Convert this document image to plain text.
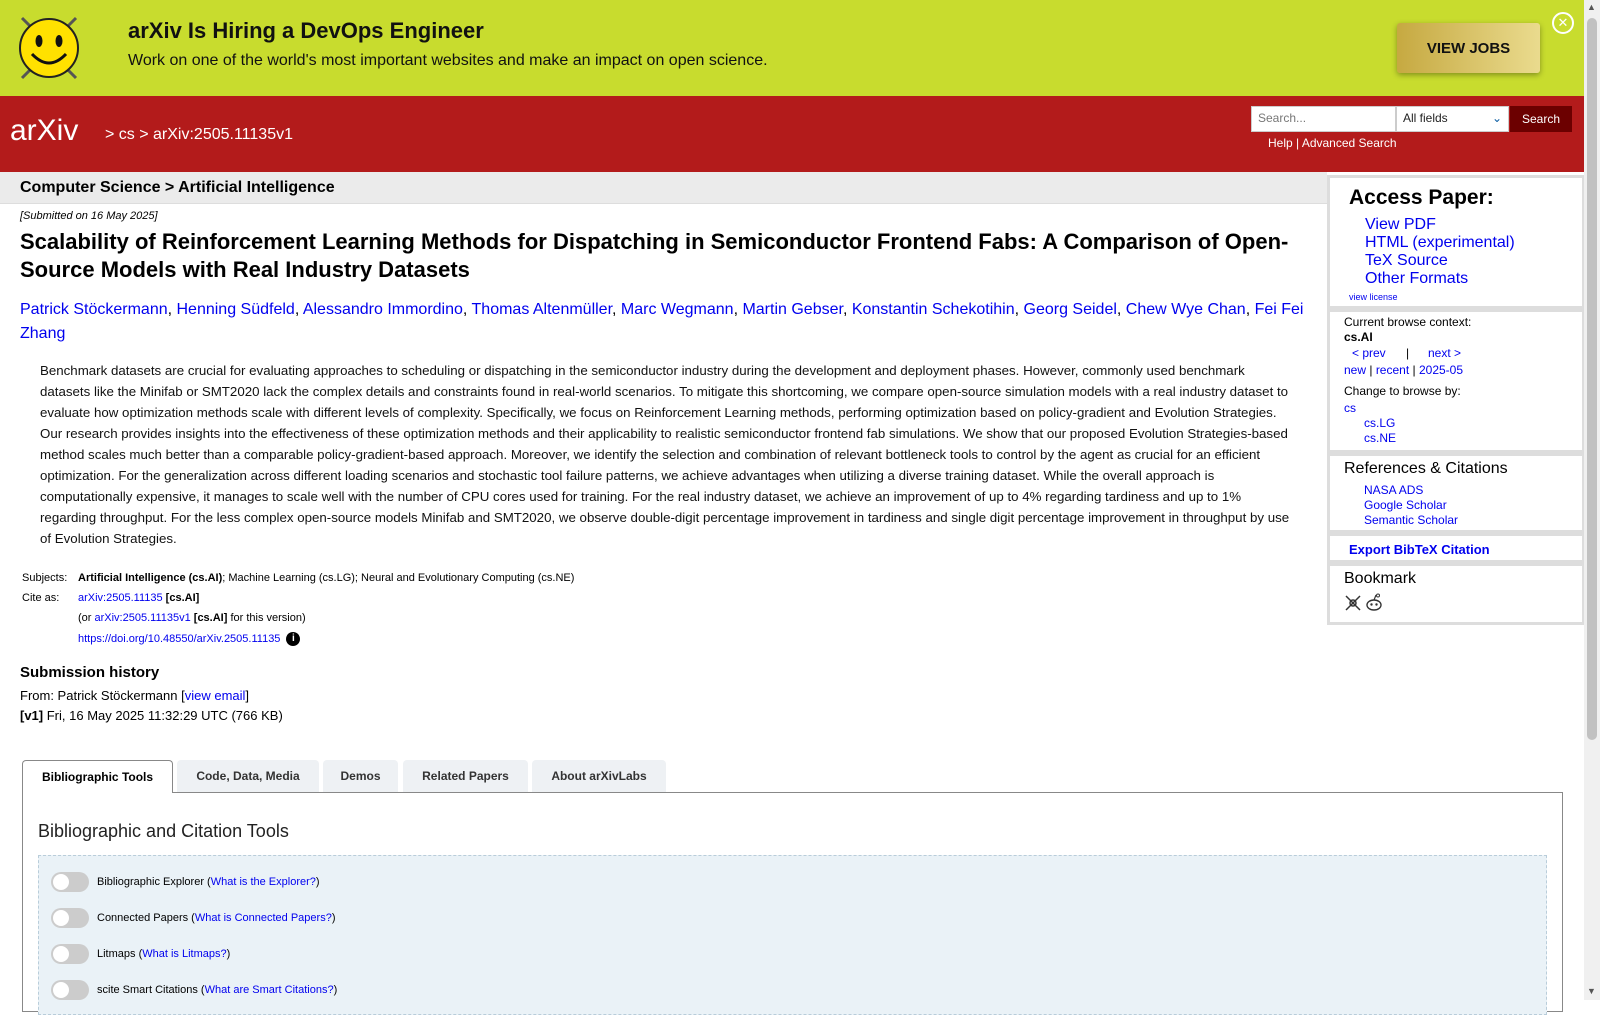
arXiv Is Hiring a DevOps Engineer
Work on one of the world's most important websites and make an impact on open science.
VIEW JOBS
✕
arXiv > cs > arXiv:2505.11135v1
Search...	All fields	⌄	Search
Help | Advanced Search
Computer Science > Artificial Intelligence
[Submitted on 16 May 2025]
Scalability of Reinforcement Learning Methods for Dispatching in Semiconductor Frontend Fabs: A Comparison of Open-Source Models with Real Industry Datasets
Patrick Stöckermann, Henning Südfeld, Alessandro Immordino, Thomas Altenmüller, Marc Wegmann, Martin Gebser, Konstantin Schekotihin, Georg Seidel, Chew Wye Chan, Fei Fei Zhang
Benchmark datasets are crucial for evaluating approaches to scheduling or dispatching in the semiconductor industry during the development and deployment phases. However, commonly used benchmark datasets like the Minifab or SMT2020 lack the complex details and constraints found in real-world scenarios. To mitigate this shortcoming, we compare open-source simulation models with a real industry dataset to evaluate how optimization methods scale with different levels of complexity. Specifically, we focus on Reinforcement Learning methods, performing optimization based on policy-gradient and Evolution Strategies. Our research provides insights into the effectiveness of these optimization methods and their applicability to realistic semiconductor frontend fab simulations. We show that our proposed Evolution Strategies-based method scales much better than a comparable policy-gradient-based approach. Moreover, we identify the selection and combination of relevant bottleneck tools to control by the agent as crucial for an efficient optimization. For the generalization across different loading scenarios and stochastic tool failure patterns, we achieve advantages when utilizing a diverse training dataset. While the overall approach is computationally expensive, it manages to scale well with the number of CPU cores used for training. For the real industry dataset, we achieve an improvement of up to 4% regarding tardiness and up to 1% regarding throughput. For the less complex open-source models Minifab and SMT2020, we observe double-digit percentage improvement in tardiness and single digit percentage improvement in throughput by use of Evolution Strategies.
Subjects: Artificial Intelligence (cs.AI); Machine Learning (cs.LG); Neural and Evolutionary Computing (cs.NE)
Cite as: arXiv:2505.11135 [cs.AI]
(or arXiv:2505.11135v1 [cs.AI] for this version)
https://doi.org/10.48550/arXiv.2505.11135 i
Submission history
From: Patrick Stöckermann [view email]
[v1] Fri, 16 May 2025 11:32:29 UTC (766 KB)
Bibliographic Tools	Code, Data, Media	Demos	Related Papers	About arXivLabs
Bibliographic and Citation Tools
Bibliographic Explorer ( What is the Explorer? )
Connected Papers ( What is Connected Papers? )
Litmaps ( What is Litmaps? )
scite Smart Citations ( What are Smart Citations? )
Access Paper:
View PDF
HTML (experimental)
TeX Source
Other Formats
view license
Current browse context:
cs.AI
< prev | next >
new | recent | 2025-05
Change to browse by:
cs
cs.LG
cs.NE
References & Citations
NASA ADS
Google Scholar
Semantic Scholar
Export BibTeX Citation
Bookmark
▲
▼
